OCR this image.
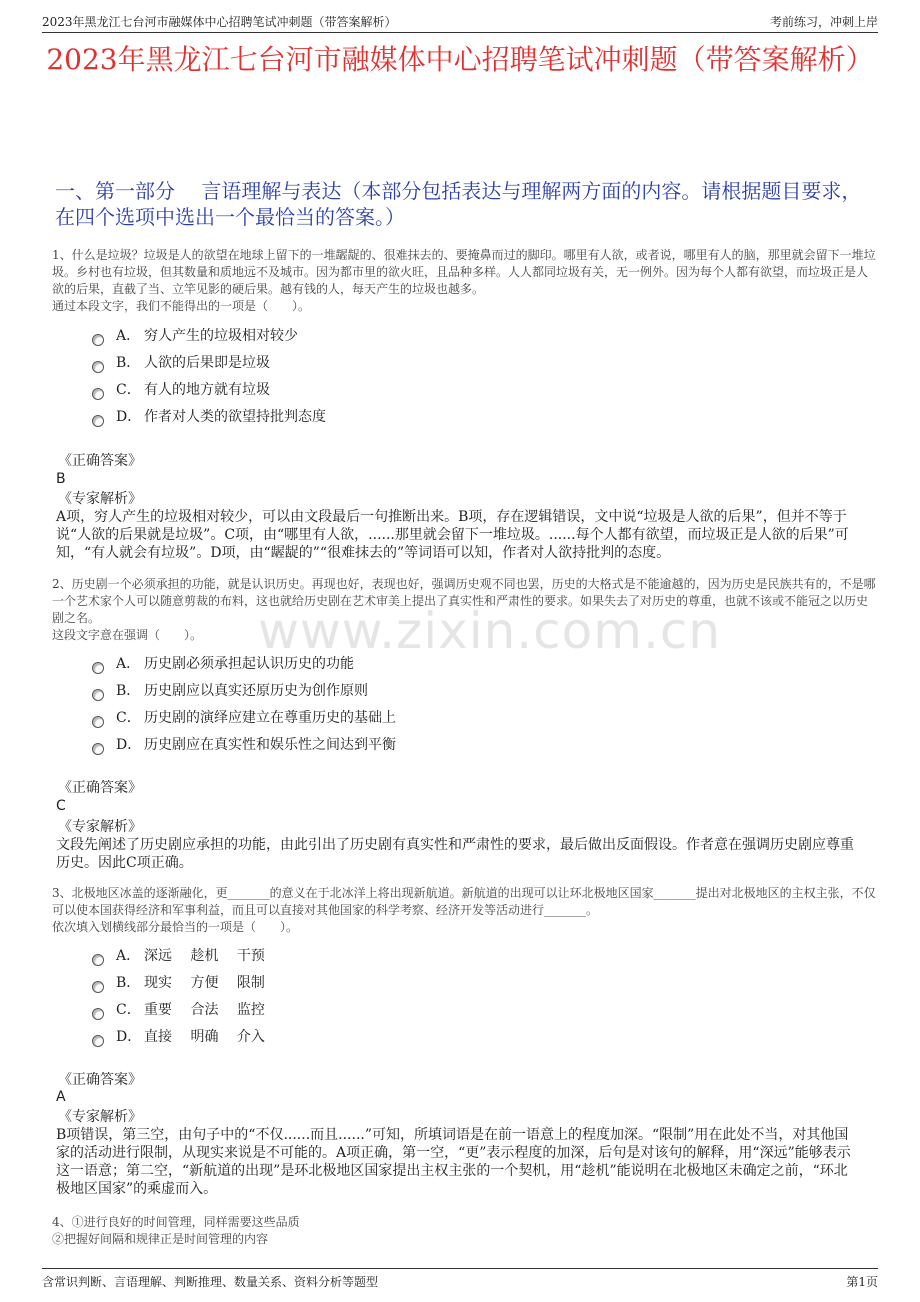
2023年黑龙江七台河市融媒体中心招聘笔试冲刺题（带答案解析）	考前练习，冲刺上岸
2023年黑龙江七台河市融媒体中心招聘笔试冲刺题（带答案解析）
一、第一部分　 言语理解与表达（本部分包括表达与理解两方面的内容。请根据题目要求，在四个选项中选出一个最恰当的答案。）
www.zixin.com.cn
1、什么是垃圾？垃圾是人的欲望在地球上留下的一堆龌龊的、很难抹去的、要掩鼻而过的脚印。哪里有人欲，或者说，哪里有人的脑，那里就会留下一堆垃圾。乡村也有垃圾，但其数量和质地远不及城市。因为都市里的欲火旺，且品种多样。人人都同垃圾有关，无一例外。因为每个人都有欲望，而垃圾正是人欲的后果，直截了当、立竿见影的硬后果。越有钱的人，每天产生的垃圾也越多。
通过本段文字，我们不能得出的一项是（　　）。
A． 穷人产生的垃圾相对较少
B． 人欲的后果即是垃圾
C． 有人的地方就有垃圾
D． 作者对人类的欲望持批判态度
《正确答案》
B
《专家解析》
A项，穷人产生的垃圾相对较少，可以由文段最后一句推断出来。B项，存在逻辑错误，文中说“垃圾是人欲的后果”，但并不等于说“人欲的后果就是垃圾”。C项，由“哪里有人欲，......那里就会留下一堆垃圾。......每个人都有欲望，而垃圾正是人欲的后果”可知，“有人就会有垃圾”。D项，由“龌龊的”“很难抹去的”等词语可以知，作者对人欲持批判的态度。
2、历史剧一个必须承担的功能，就是认识历史。再现也好，表现也好，强调历史观不同也罢，历史的大格式是不能逾越的，因为历史是民族共有的，不是哪一个艺术家个人可以随意剪裁的布料，这也就给历史剧在艺术审美上提出了真实性和严肃性的要求。如果失去了对历史的尊重，也就不该或不能冠之以历史剧之名。
这段文字意在强调（　　）。
A． 历史剧必须承担起认识历史的功能
B． 历史剧应以真实还原历史为创作原则
C． 历史剧的演绎应建立在尊重历史的基础上
D． 历史剧应在真实性和娱乐性之间达到平衡
《正确答案》
C
《专家解析》
文段先阐述了历史剧应承担的功能，由此引出了历史剧有真实性和严肃性的要求，最后做出反面假设。作者意在强调历史剧应尊重历史。因此C项正确。
3、北极地区冰盖的逐渐融化，更_______的意义在于北冰洋上将出现新航道。新航道的出现可以让环北极地区国家_______提出对北极地区的主权主张，不仅可以使本国获得经济和军事利益，而且可以直接对其他国家的科学考察、经济开发等活动进行_______。
依次填入划横线部分最恰当的一项是（　　）。
A． 深远　 趁机　 干预
B． 现实　 方便　 限制
C． 重要　 合法　 监控
D． 直接　 明确　 介入
《正确答案》
A
《专家解析》
B项错误，第三空，由句子中的“不仅......而且......”可知，所填词语是在前一语意上的程度加深。“限制”用在此处不当，对其他国家的活动进行限制，从现实来说是不可能的。A项正确，第一空，“更”表示程度的加深，后句是对该句的解释，用“深远”能够表示这一语意；第二空，“新航道的出现”是环北极地区国家提出主权主张的一个契机，用“趁机”能说明在北极地区未确定之前，“环北极地区国家”的乘虚而入。
4、①进行良好的时间管理，同样需要这些品质
②把握好间隔和规律正是时间管理的内容
含常识判断、言语理解、判断推理、数量关系、资料分析等题型	第1页
